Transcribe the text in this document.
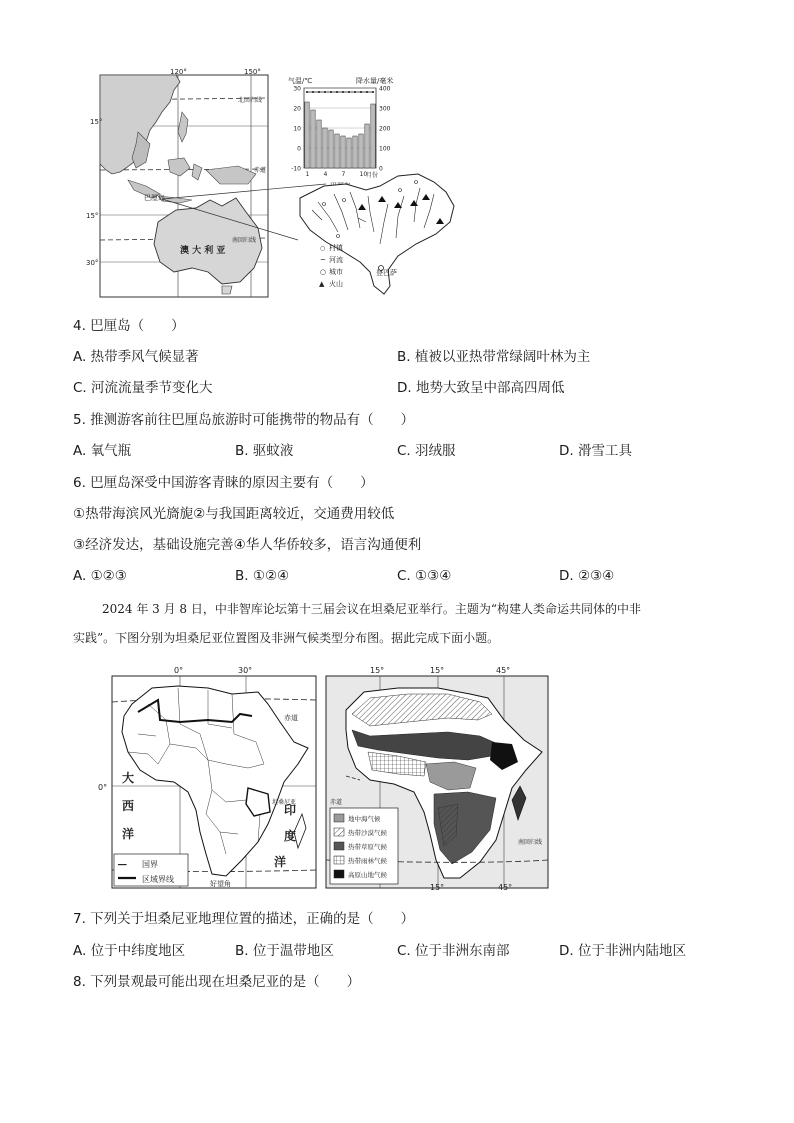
120°	150°
15°
15°
30°
北回归线
赤道
南回归线
巴厘岛
澳 大 利 亚
气温/℃	降水量/毫米
30	400
20	300
10	200
0	100
-10	0
1 4 7 10
月份
登巴萨
○ 村镇
~ 河流
○ 城市
▲ 火山
4. 巴厘岛（　　）
A. 热带季风气候显著	B. 植被以亚热带常绿阔叶林为主
C. 河流流量季节变化大	D. 地势大致呈中部高四周低
5. 推测游客前往巴厘岛旅游时可能携带的物品有（　　）
A. 氧气瓶	B. 驱蚊液	C. 羽绒服	D. 滑雪工具
6. 巴厘岛深受中国游客青睐的原因主要有（　　）
①热带海滨风光旖旎②与我国距离较近，交通费用较低
③经济发达，基础设施完善④华人华侨较多，语言沟通便利
A. ①②③	B. ①②④	C. ①③④	D. ②③④
2024 年 3 月 8 日，中非智库论坛第十三届会议在坦桑尼亚举行。主题为“构建人类命运共同体的中非
实践”。下图分别为坦桑尼亚位置图及非洲气候类型分布图。据此完成下面小题。
0°	30°
0°
赤道
大
西
洋
印
度
洋
坦桑尼亚
好望角
━━ 国界
区域界线
15°	15°	45°
15°	45°
南回归线
赤道
地中海气候
热带沙漠气候
热带草原气候
热带雨林气候
高原山地气候
7. 下列关于坦桑尼亚地理位置的描述，正确的是（　　）
A. 位于中纬度地区	B. 位于温带地区	C. 位于非洲东南部	D. 位于非洲内陆地区
8. 下列景观最可能出现在坦桑尼亚的是（　　）
